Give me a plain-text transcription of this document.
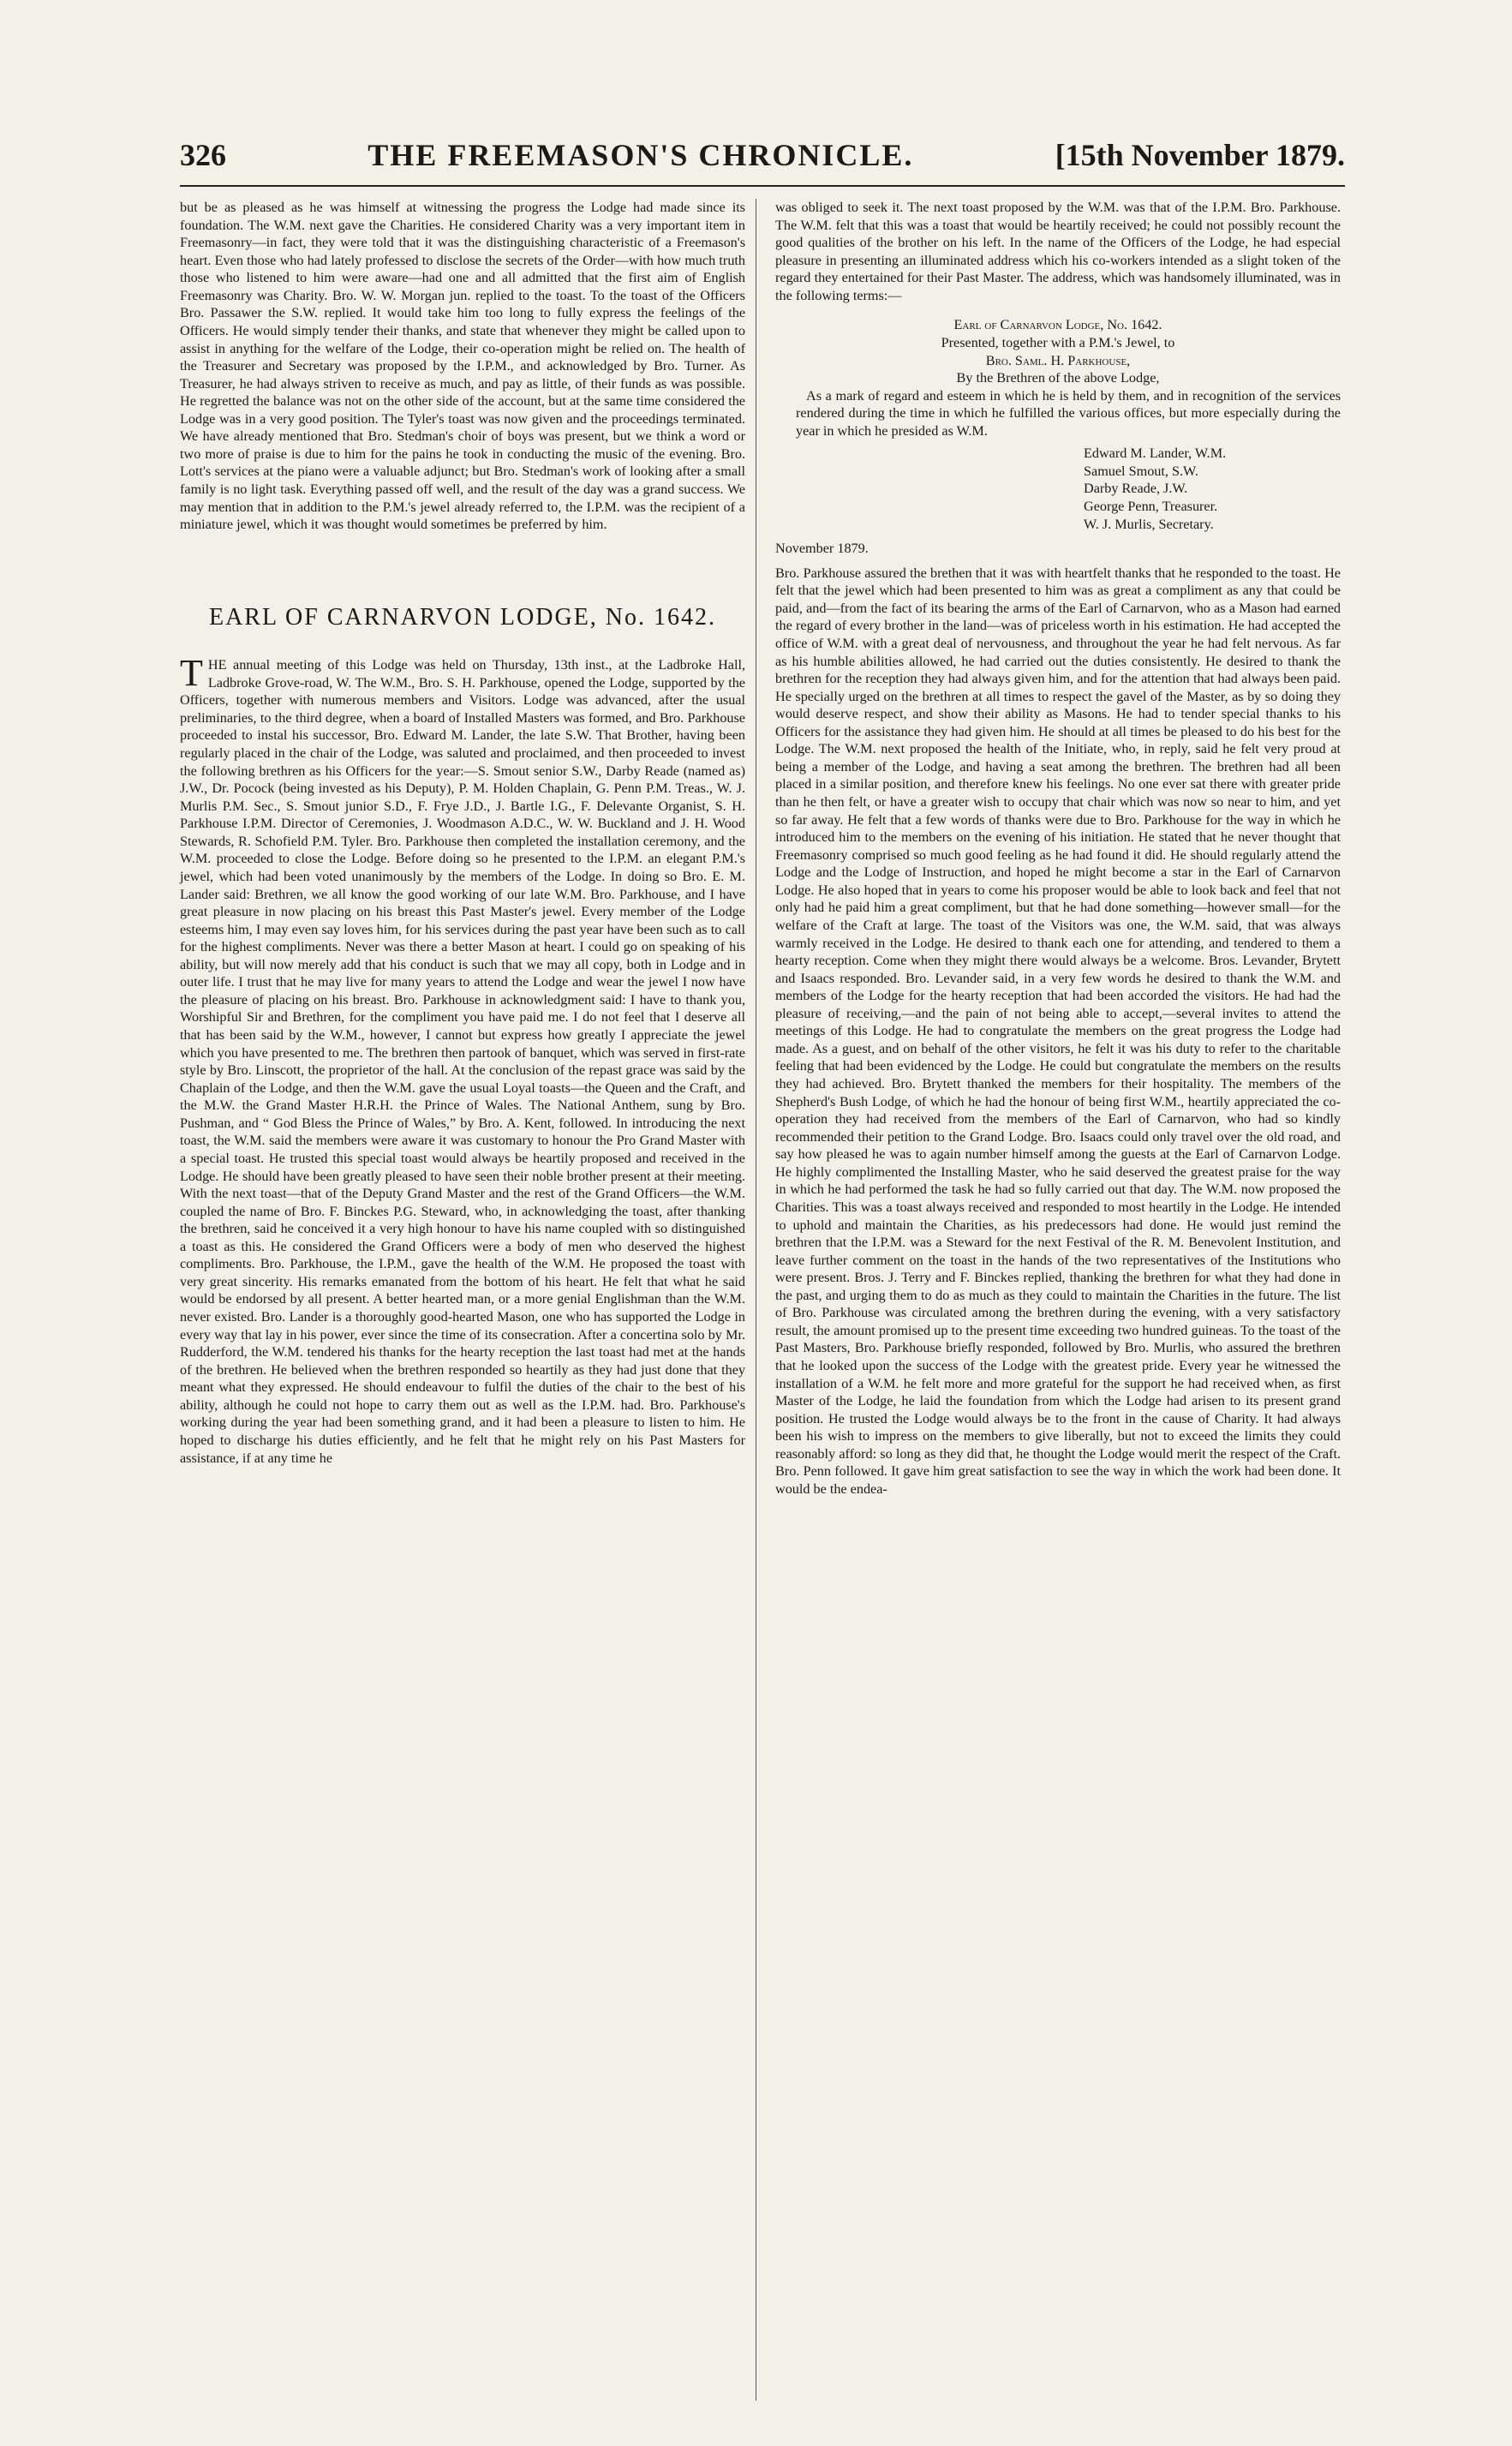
326	THE FREEMASON'S CHRONICLE.	[15th November 1879.

but be as pleased as he was himself at witnessing the progress the Lodge had made since its foundation. The W.M. next gave the Charities. He considered Charity was a very important item in Freemasonry—in fact, they were told that it was the distinguishing characteristic of a Freemason's heart. Even those who had lately professed to disclose the secrets of the Order—with how much truth those who listened to him were aware—had one and all admitted that the first aim of English Freemasonry was Charity. Bro. W. W. Morgan jun. replied to the toast. To the toast of the Officers Bro. Passawer the S.W. replied. It would take him too long to fully express the feelings of the Officers. He would simply tender their thanks, and state that whenever they might be called upon to assist in anything for the welfare of the Lodge, their co-operation might be relied on. The health of the Treasurer and Secretary was proposed by the I.P.M., and acknowledged by Bro. Turner. As Treasurer, he had always striven to receive as much, and pay as little, of their funds as was possible. He regretted the balance was not on the other side of the account, but at the same time considered the Lodge was in a very good position. The Tyler's toast was now given and the proceedings terminated. We have already mentioned that Bro. Stedman's choir of boys was present, but we think a word or two more of praise is due to him for the pains he took in conducting the music of the evening. Bro. Lott's services at the piano were a valuable adjunct; but Bro. Stedman's work of looking after a small family is no light task. Everything passed off well, and the result of the day was a grand success. We may mention that in addition to the P.M.'s jewel already referred to, the I.P.M. was the recipient of a miniature jewel, which it was thought would sometimes be preferred by him.

EARL OF CARNARVON LODGE, No. 1642.

THE annual meeting of this Lodge was held on Thursday, 13th inst., at the Ladbroke Hall, Ladbroke Grove-road, W. The W.M., Bro. S. H. Parkhouse, opened the Lodge, supported by the Officers, together with numerous members and Visitors. Lodge was advanced, after the usual preliminaries, to the third degree, when a board of Installed Masters was formed, and Bro. Parkhouse proceeded to instal his successor, Bro. Edward M. Lander, the late S.W. That Brother, having been regularly placed in the chair of the Lodge, was saluted and proclaimed, and then proceeded to invest the following brethren as his Officers for the year:—S. Smout senior S.W., Darby Reade (named as) J.W., Dr. Pocock (being invested as his Deputy), P. M. Holden Chaplain, G. Penn P.M. Treas., W. J. Murlis P.M. Sec., S. Smout junior S.D., F. Frye J.D., J. Bartle I.G., F. Delevante Organist, S. H. Parkhouse I.P.M. Director of Ceremonies, J. Woodmason A.D.C., W. W. Buckland and J. H. Wood Stewards, R. Schofield P.M. Tyler. Bro. Parkhouse then completed the installation ceremony, and the W.M. proceeded to close the Lodge. Before doing so he presented to the I.P.M. an elegant P.M.'s jewel, which had been voted unanimously by the members of the Lodge. In doing so Bro. E. M. Lander said: Brethren, we all know the good working of our late W.M. Bro. Parkhouse, and I have great pleasure in now placing on his breast this Past Master's jewel. Every member of the Lodge esteems him, I may even say loves him, for his services during the past year have been such as to call for the highest compliments. Never was there a better Mason at heart. I could go on speaking of his ability, but will now merely add that his conduct is such that we may all copy, both in Lodge and in outer life. I trust that he may live for many years to attend the Lodge and wear the jewel I now have the pleasure of placing on his breast. Bro. Parkhouse in acknowledgment said: I have to thank you, Worshipful Sir and Brethren, for the compliment you have paid me. I do not feel that I deserve all that has been said by the W.M., however, I cannot but express how greatly I appreciate the jewel which you have presented to me. The brethren then partook of banquet, which was served in first-rate style by Bro. Linscott, the proprietor of the hall. At the conclusion of the repast grace was said by the Chaplain of the Lodge, and then the W.M. gave the usual Loyal toasts—the Queen and the Craft, and the M.W. the Grand Master H.R.H. the Prince of Wales. The National Anthem, sung by Bro. Pushman, and “ God Bless the Prince of Wales,” by Bro. A. Kent, followed. In introducing the next toast, the W.M. said the members were aware it was customary to honour the Pro Grand Master with a special toast. He trusted this special toast would always be heartily proposed and received in the Lodge. He should have been greatly pleased to have seen their noble brother present at their meeting. With the next toast—that of the Deputy Grand Master and the rest of the Grand Officers—the W.M. coupled the name of Bro. F. Binckes P.G. Steward, who, in acknowledging the toast, after thanking the brethren, said he conceived it a very high honour to have his name coupled with so distinguished a toast as this. He considered the Grand Officers were a body of men who deserved the highest compliments. Bro. Parkhouse, the I.P.M., gave the health of the W.M. He proposed the toast with very great sincerity. His remarks emanated from the bottom of his heart. He felt that what he said would be endorsed by all present. A better hearted man, or a more genial Englishman than the W.M. never existed. Bro. Lander is a thoroughly good-hearted Mason, one who has supported the Lodge in every way that lay in his power, ever since the time of its consecration. After a concertina solo by Mr. Rudderford, the W.M. tendered his thanks for the hearty reception the last toast had met at the hands of the brethren. He believed when the brethren responded so heartily as they had just done that they meant what they expressed. He should endeavour to fulfil the duties of the chair to the best of his ability, although he could not hope to carry them out as well as the I.P.M. had. Bro. Parkhouse's working during the year had been something grand, and it had been a pleasure to listen to him. He hoped to discharge his duties efficiently, and he felt that he might rely on his Past Masters for assistance, if at any time he

was obliged to seek it. The next toast proposed by the W.M. was that of the I.P.M. Bro. Parkhouse. The W.M. felt that this was a toast that would be heartily received; he could not possibly recount the good qualities of the brother on his left. In the name of the Officers of the Lodge, he had especial pleasure in presenting an illuminated address which his co-workers intended as a slight token of the regard they entertained for their Past Master. The address, which was handsomely illuminated, was in the following terms:—

Earl of Carnarvon Lodge, No. 1642.
Presented, together with a P.M.'s Jewel, to
Bro. Saml. H. Parkhouse,
By the Brethren of the above Lodge,

As a mark of regard and esteem in which he is held by them, and in recognition of the services rendered during the time in which he fulfilled the various offices, but more especially during the year in which he presided as W.M.

Edward M. Lander, W.M.
Samuel Smout, S.W.
Darby Reade, J.W.
George Penn, Treasurer.
W. J. Murlis, Secretary.
November 1879.

Bro. Parkhouse assured the brethen that it was with heartfelt thanks that he responded to the toast. He felt that the jewel which had been presented to him was as great a compliment as any that could be paid, and—from the fact of its bearing the arms of the Earl of Carnarvon, who as a Mason had earned the regard of every brother in the land—was of priceless worth in his estimation. He had accepted the office of W.M. with a great deal of nervousness, and throughout the year he had felt nervous. As far as his humble abilities allowed, he had carried out the duties consistently. He desired to thank the brethren for the reception they had always given him, and for the attention that had always been paid. He specially urged on the brethren at all times to respect the gavel of the Master, as by so doing they would deserve respect, and show their ability as Masons. He had to tender special thanks to his Officers for the assistance they had given him. He should at all times be pleased to do his best for the Lodge. The W.M. next proposed the health of the Initiate, who, in reply, said he felt very proud at being a member of the Lodge, and having a seat among the brethren. The brethren had all been placed in a similar position, and therefore knew his feelings. No one ever sat there with greater pride than he then felt, or have a greater wish to occupy that chair which was now so near to him, and yet so far away. He felt that a few words of thanks were due to Bro. Parkhouse for the way in which he introduced him to the members on the evening of his initiation. He stated that he never thought that Freemasonry comprised so much good feeling as he had found it did. He should regularly attend the Lodge and the Lodge of Instruction, and hoped he might become a star in the Earl of Carnarvon Lodge. He also hoped that in years to come his proposer would be able to look back and feel that not only had he paid him a great compliment, but that he had done something—however small—for the welfare of the Craft at large. The toast of the Visitors was one, the W.M. said, that was always warmly received in the Lodge. He desired to thank each one for attending, and tendered to them a hearty reception. Come when they might there would always be a welcome. Bros. Levander, Brytett and Isaacs responded. Bro. Levander said, in a very few words he desired to thank the W.M. and members of the Lodge for the hearty reception that had been accorded the visitors. He had had the pleasure of receiving,—and the pain of not being able to accept,—several invites to attend the meetings of this Lodge. He had to congratulate the members on the great progress the Lodge had made. As a guest, and on behalf of the other visitors, he felt it was his duty to refer to the charitable feeling that had been evidenced by the Lodge. He could but congratulate the members on the results they had achieved. Bro. Brytett thanked the members for their hospitality. The members of the Shepherd's Bush Lodge, of which he had the honour of being first W.M., heartily appreciated the co-operation they had received from the members of the Earl of Carnarvon, who had so kindly recommended their petition to the Grand Lodge. Bro. Isaacs could only travel over the old road, and say how pleased he was to again number himself among the guests at the Earl of Carnarvon Lodge. He highly complimented the Installing Master, who he said deserved the greatest praise for the way in which he had performed the task he had so fully carried out that day. The W.M. now proposed the Charities. This was a toast always received and responded to most heartily in the Lodge. He intended to uphold and maintain the Charities, as his predecessors had done. He would just remind the brethren that the I.P.M. was a Steward for the next Festival of the R. M. Benevolent Institution, and leave further comment on the toast in the hands of the two representatives of the Institutions who were present. Bros. J. Terry and F. Binckes replied, thanking the brethren for what they had done in the past, and urging them to do as much as they could to maintain the Charities in the future. The list of Bro. Parkhouse was circulated among the brethren during the evening, with a very satisfactory result, the amount promised up to the present time exceeding two hundred guineas. To the toast of the Past Masters, Bro. Parkhouse briefly responded, followed by Bro. Murlis, who assured the brethren that he looked upon the success of the Lodge with the greatest pride. Every year he witnessed the installation of a W.M. he felt more and more grateful for the support he had received when, as first Master of the Lodge, he laid the foundation from which the Lodge had arisen to its present grand position. He trusted the Lodge would always be to the front in the cause of Charity. It had always been his wish to impress on the members to give liberally, but not to exceed the limits they could reasonably afford: so long as they did that, he thought the Lodge would merit the respect of the Craft. Bro. Penn followed. It gave him great satisfaction to see the way in which the work had been done. It would be the endea-
